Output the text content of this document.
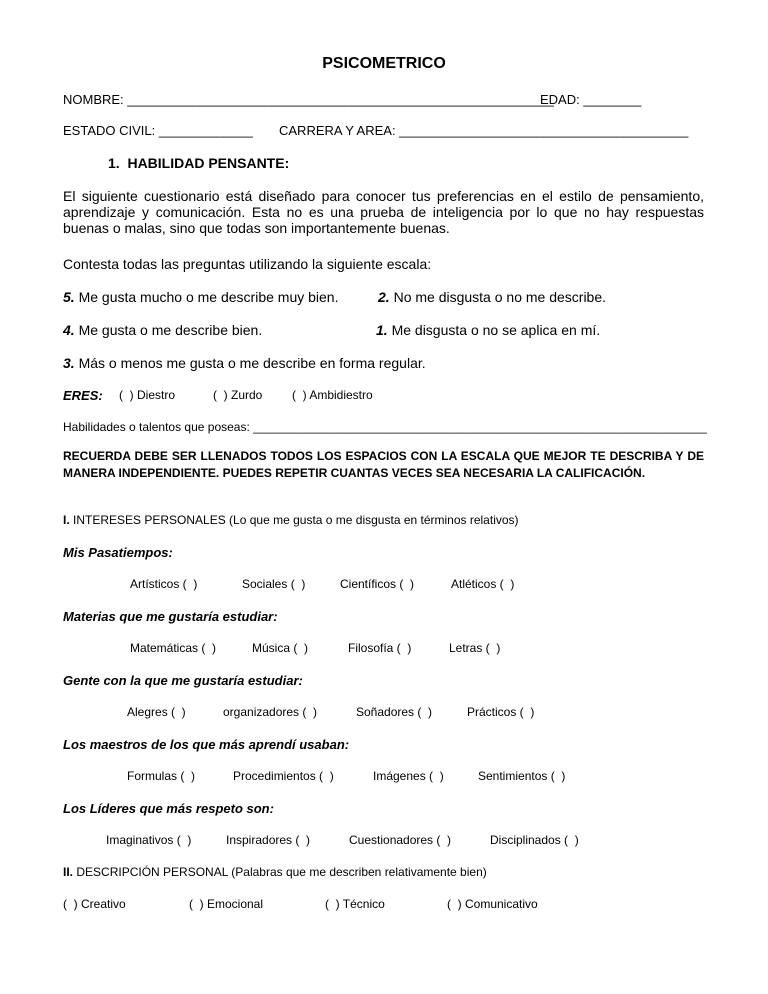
PSICOMETRICO
NOMBRE: ___________________________________________________________
EDAD: ________
ESTADO CIVIL: _____________ CARRERA Y AREA: ________________________________________
1.  HABILIDAD PENSANTE:
El siguiente cuestionario está diseñado para conocer tus preferencias en el estilo de pensamiento, aprendizaje y comunicación. Esta no es una prueba de inteligencia por lo que no hay respuestas buenas o malas, sino que todas son importantemente buenas.
Contesta todas las preguntas utilizando la siguiente escala:
5. Me gusta mucho o me describe muy bien.	2. No me disgusta o no me describe.
4. Me gusta o me describe bien.	1. Me disgusta o no se aplica en mí.
3. Más o menos me gusta o me describe en forma regular.
ERES: (  ) Diestro	(  ) Zurdo (  ) Ambidiestro
Habilidades o talentos que poseas: ____________________________________________________________________
RECUERDA DEBE SER LLENADOS TODOS LOS ESPACIOS CON LA ESCALA QUE MEJOR TE DESCRIBA Y DE MANERA INDEPENDIENTE. PUEDES REPETIR CUANTAS VECES SEA NECESARIA LA CALIFICACIÓN.
I. INTERESES PERSONALES (Lo que me gusta o me disgusta en términos relativos)
Mis Pasatiempos:
Artísticos (  )	Sociales (  )	Científicos (  )	Atléticos (  )
Materias que me gustaría estudiar:
Matemáticas (  )	Música (  )	Filosofía (  )	Letras (  )
Gente con la que me gustaría estudiar:
Alegres (  )	organizadores (  )	Soñadores (  )	Prácticos (  )
Los maestros de los que más aprendí usaban:
Formulas (  )	Procedimientos (  )	Imágenes (  )	Sentimientos (  )
Los Líderes que más respeto son:
Imaginativos (  )	Inspiradores (  )	Cuestionadores (  )	Disciplinados (  )
II. DESCRIPCIÓN PERSONAL (Palabras que me describen relativamente bien)
(  ) Creativo	(  ) Emocional	(  ) Técnico	(  ) Comunicativo
